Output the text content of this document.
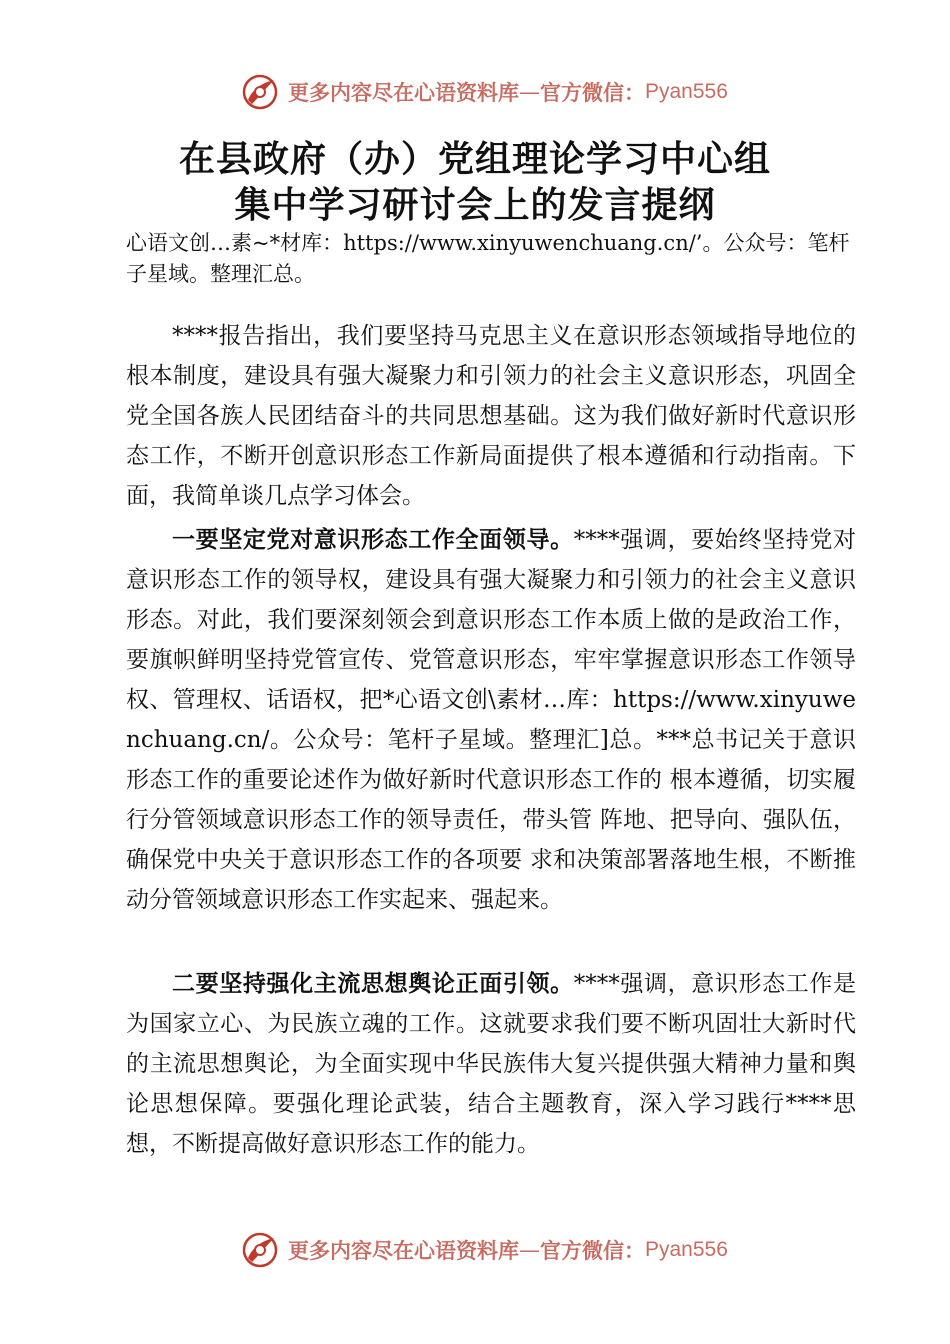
更多内容尽在心语资料库 — 官方微信： Pyan556
在县政府（办）党组理论学习中心组
集中学习研讨会上的发言提纲
心语文创…素~*材库：https://www.xinyuwenchuang.cn/’。公众号：笔杆子星域。整理汇总。
****报告指出，我们要坚持马克思主义在意识形态领域指导地位的根本制度，建设具有强大凝聚力和引领力的社会主义意识形态，巩固全党全国各族人民团结奋斗的共同思想基础。这为我们做好新时代意识形态工作，不断开创意识形态工作新局面提供了根本遵循和行动指南。下面，我简单谈几点学习体会。
一要坚定党对意识形态工作全面领导。****强调，要始终坚持党对意识形态工作的领导权，建设具有强大凝聚力和引领力的社会主义意识形态。对此，我们要深刻领会到意识形态工作本质上做的是政治工作，要旗帜鲜明坚持党管宣传、党管意识形态，牢牢掌握意识形态工作领导权、管理权、话语权，把*心语文创\素材…库：https://www.xinyuwenchuang.cn/。公众号：笔杆子星域。整理汇]总。***总书记关于意识形态工作的重要论述作为做好新时代意识形态工作的 根本遵循，切实履行分管领域意识形态工作的领导责任，带头管 阵地、把导向、强队伍，确保党中央关于意识形态工作的各项要 求和决策部署落地生根，不断推动分管领域意识形态工作实起来、强起来。
二要坚持强化主流思想舆论正面引领。****强调，意识形态工作是为国家立心、为民族立魂的工作。这就要求我们要不断巩固壮大新时代的主流思想舆论，为全面实现中华民族伟大复兴提供强大精神力量和舆论思想保障。要强化理论武装，结合主题教育，深入学习践行****思想，不断提高做好意识形态工作的能力。
更多内容尽在心语资料库 — 官方微信： Pyan556
